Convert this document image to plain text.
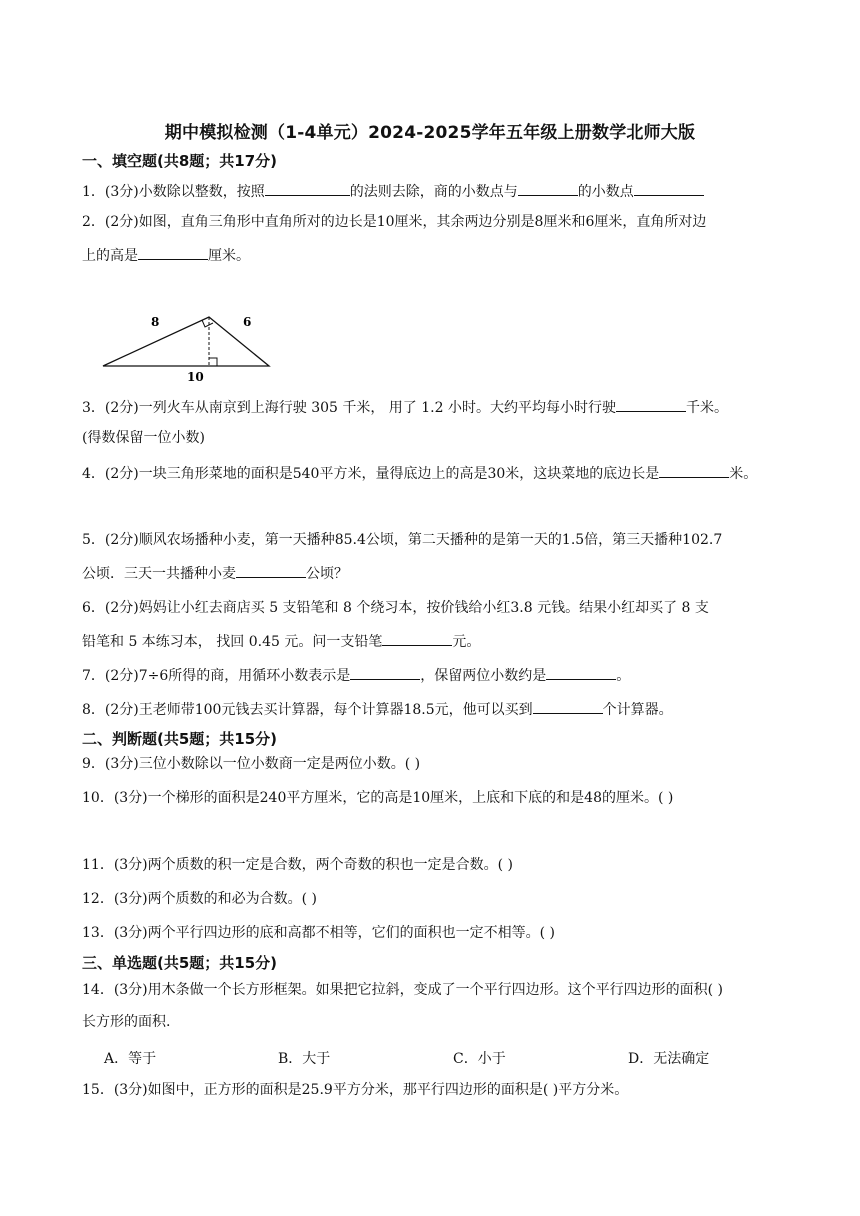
期中模拟检测（1-4单元）2024-2025学年五年级上册数学北师大版
一、填空题(共8题；共17分)
1．(3分)小数除以整数，按照	的法则去除，商的小数点与	的小数点
2．(2分)如图，直角三角形中直角所对的边长是10厘米，其余两边分别是8厘米和6厘米，直角所对边
上的高是	厘米。
8	6
10
3．(2分)一列火车从南京到上海行驶 305 千米， 用了 1.2 小时。大约平均每小时行驶	千米。
(得数保留一位小数)
4．(2分)一块三角形菜地的面积是540平方米，量得底边上的高是30米，这块菜地的底边长是	米。
5．(2分)顺风农场播种小麦，第一天播种85.4公顷，第二天播种的是第一天的1.5倍，第三天播种102.7
公顷．三天一共播种小麦	公顷？
6．(2分)妈妈让小红去商店买 5 支铅笔和 8 个绕习本，按价钱给小红3.8 元钱。结果小红却买了 8 支
铅笔和 5 本练习本， 找回 0.45 元。问一支铅笔	元。
7．(2分)7÷6所得的商，用循环小数表示是	，保留两位小数约是	。
8．(2分)王老师带100元钱去买计算器，每个计算器18.5元，他可以买到	个计算器。
二、判断题(共5题；共15分)
9．(3分)三位小数除以一位小数商一定是两位小数。( )
10．(3分)一个梯形的面积是240平方厘米，它的高是10厘米，上底和下底的和是48的厘米。( )
11．(3分)两个质数的积一定是合数，两个奇数的积也一定是合数。( )
12．(3分)两个质数的和必为合数。( )
13．(3分)两个平行四边形的底和高都不相等，它们的面积也一定不相等。( )
三、单选题(共5题；共15分)
14．(3分)用木条做一个长方形框架。如果把它拉斜，变成了一个平行四边形。这个平行四边形的面积( )
长方形的面积.
A．等于	B．大于	C．小于	D．无法确定
15．(3分)如图中，正方形的面积是25.9平方分米，那平行四边形的面积是( )平方分米。
